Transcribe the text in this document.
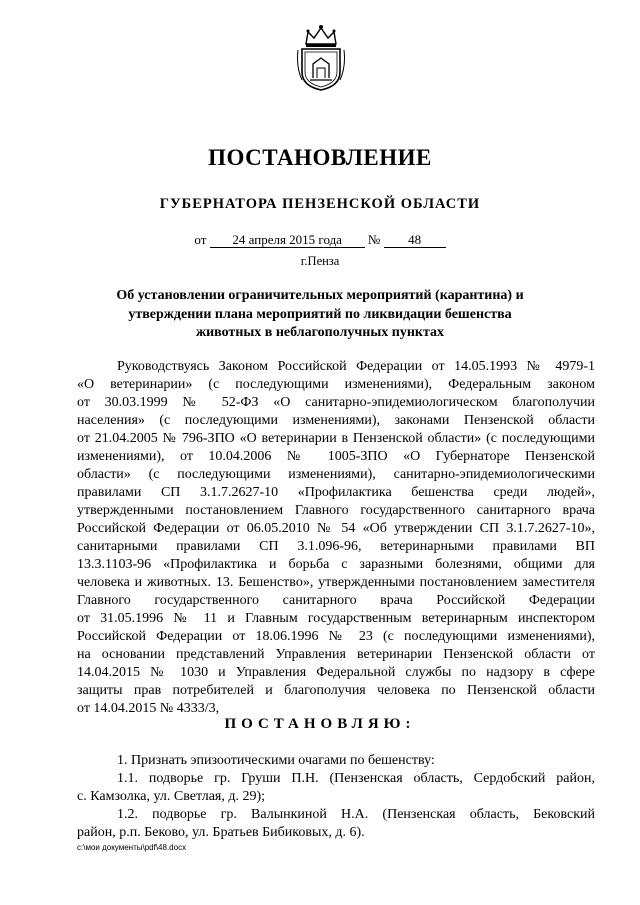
ПОСТАНОВЛЕНИЕ
ГУБЕРНАТОРА ПЕНЗЕНСКОЙ ОБЛАСТИ
от 24 апреля 2015 года № 48
г.Пенза
Об установлении ограничительных мероприятий (карантина) и
утверждении плана мероприятий по ликвидации бешенства
животных в неблагополучных пунктах
Руководствуясь Законом Российской Федерации от 14.05.1993 № 4979-1
«О ветеринарии» (с последующими изменениями), Федеральным законом
от 30.03.1999 № 52-ФЗ «О санитарно-эпидемиологическом благополучии
населения» (с последующими изменениями), законами Пензенской области
от 21.04.2005 № 796-ЗПО «О ветеринарии в Пензенской области» (с последующими
изменениями), от 10.04.2006 № 1005-ЗПО «О Губернаторе Пензенской
области» (с последующими изменениями), санитарно-эпидемиологическими
правилами СП 3.1.7.2627-10 «Профилактика бешенства среди людей»,
утвержденными постановлением Главного государственного санитарного врача
Российской Федерации от 06.05.2010 № 54 «Об утверждении СП 3.1.7.2627-10»,
санитарными правилами СП 3.1.096-96, ветеринарными правилами ВП
13.3.1103-96 «Профилактика и борьба с заразными болезнями, общими для
человека и животных. 13. Бешенство», утвержденными постановлением заместителя
Главного государственного санитарного врача Российской Федерации
от 31.05.1996 № 11 и Главным государственным ветеринарным инспектором
Российской Федерации от 18.06.1996 № 23 (с последующими изменениями),
на основании представлений Управления ветеринарии Пензенской области от
14.04.2015 № 1030 и Управления Федеральной службы по надзору в сфере
защиты прав потребителей и благополучия человека по Пензенской области
от 14.04.2015 № 4333/3,
ПОСТАНОВЛЯЮ:
1. Признать эпизоотическими очагами по бешенству:
1.1. подворье гр. Груши П.Н. (Пензенская область, Сердобский район,
с. Камзолка, ул. Светлая, д. 29);
1.2. подворье гр. Валынкиной Н.А. (Пензенская область, Бековский
район, р.п. Беково, ул. Братьев Бибиковых, д. 6).
c:\мои документы\pdf\48.docx
